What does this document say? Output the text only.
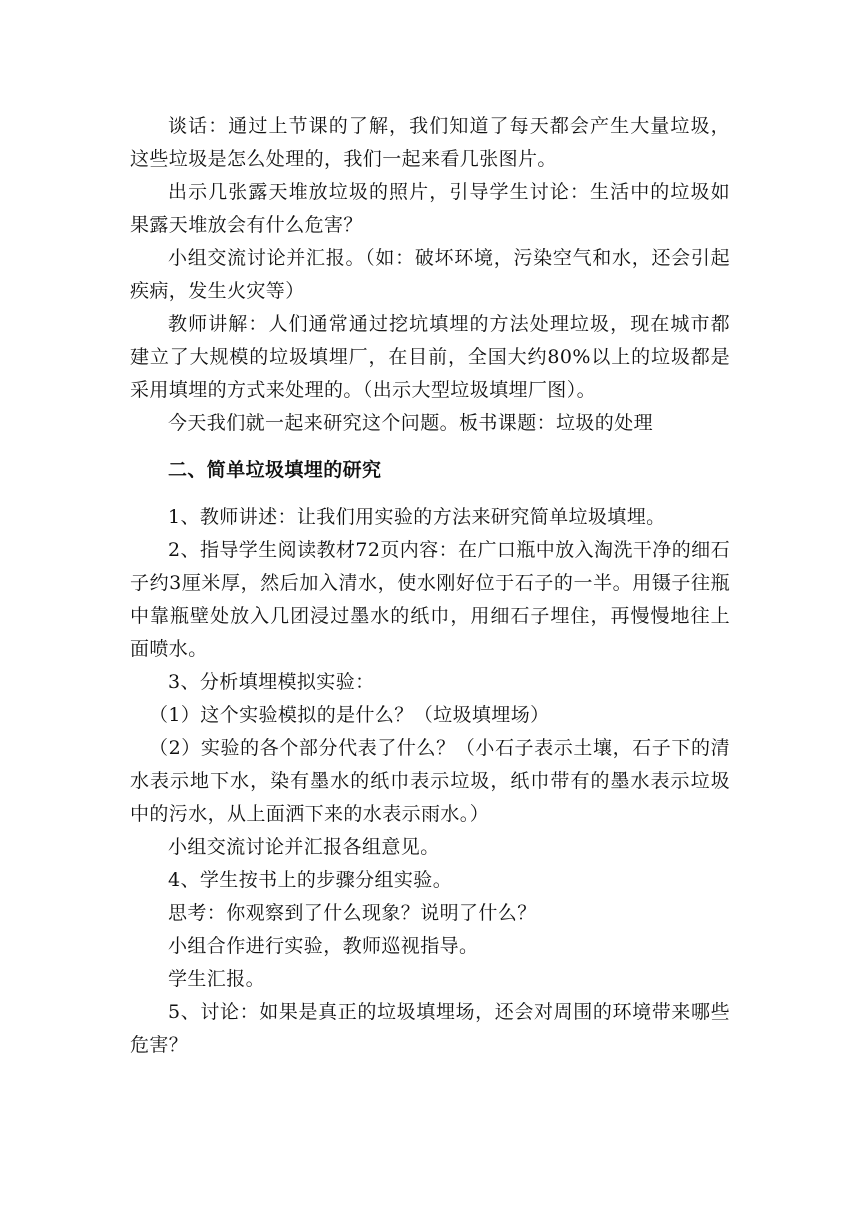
谈话：通过上节课的了解，我们知道了每天都会产生大量垃圾，这些垃圾是怎么处理的，我们一起来看几张图片。

出示几张露天堆放垃圾的照片，引导学生讨论：生活中的垃圾如果露天堆放会有什么危害？

小组交流讨论并汇报。（如：破坏环境，污染空气和水，还会引起疾病，发生火灾等）

教师讲解：人们通常通过挖坑填埋的方法处理垃圾，现在城市都建立了大规模的垃圾填埋厂，在目前，全国大约80%以上的垃圾都是采用填埋的方式来处理的。（出示大型垃圾填埋厂图）。

今天我们就一起来研究这个问题。板书课题：垃圾的处理

二、简单垃圾填埋的研究

1、教师讲述：让我们用实验的方法来研究简单垃圾填埋。

2、指导学生阅读教材72页内容：在广口瓶中放入淘洗干净的细石子约3厘米厚，然后加入清水，使水刚好位于石子的一半。用镊子往瓶中靠瓶壁处放入几团浸过墨水的纸巾，用细石子埋住，再慢慢地往上面喷水。

3、分析填埋模拟实验：

（1）这个实验模拟的是什么？（垃圾填埋场）

（2）实验的各个部分代表了什么？（小石子表示土壤，石子下的清水表示地下水，染有墨水的纸巾表示垃圾，纸巾带有的墨水表示垃圾中的污水，从上面洒下来的水表示雨水。）

小组交流讨论并汇报各组意见。

4、学生按书上的步骤分组实验。

思考：你观察到了什么现象？说明了什么？

小组合作进行实验，教师巡视指导。

学生汇报。

5、讨论：如果是真正的垃圾填埋场，还会对周围的环境带来哪些危害？
